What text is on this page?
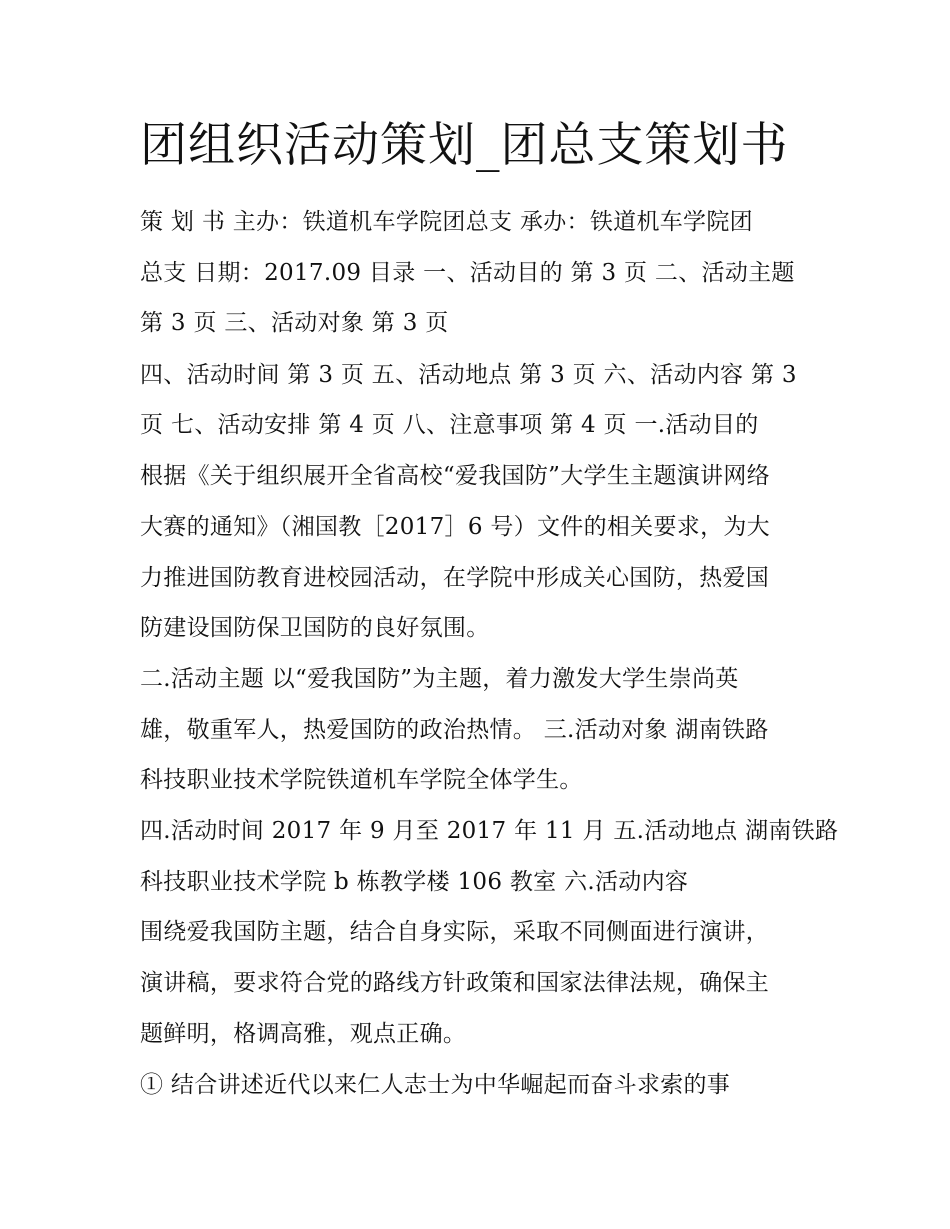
团组织活动策划_团总支策划书
策 划 书 主办：铁道机车学院团总支 承办：铁道机车学院团
总支 日期：2017.09 目录 一、活动目的 第 3 页 二、活动主题
第 3 页 三、活动对象 第 3 页
四、活动时间 第 3 页 五、活动地点 第 3 页 六、活动内容 第 3
页 七、活动安排 第 4 页 八、注意事项 第 4 页 一.活动目的
根据《关于组织展开全省高校“爱我国防”大学生主题演讲网络
大赛的通知》（湘国教［2017］6 号）文件的相关要求，为大
力推进国防教育进校园活动，在学院中形成关心国防，热爱国
防建设国防保卫国防的良好氛围。
二.活动主题 以“爱我国防”为主题，着力激发大学生崇尚英
雄，敬重军人，热爱国防的政治热情。 三.活动对象 湖南铁路
科技职业技术学院铁道机车学院全体学生。
四.活动时间 2017 年 9 月至 2017 年 11 月 五.活动地点 湖南铁路
科技职业技术学院 b 栋教学楼 106 教室 六.活动内容
围绕爱我国防主题，结合自身实际，采取不同侧面进行演讲，
演讲稿，要求符合党的路线方针政策和国家法律法规，确保主
题鲜明，格调高雅，观点正确。
① 结合讲述近代以来仁人志士为中华崛起而奋斗求索的事
